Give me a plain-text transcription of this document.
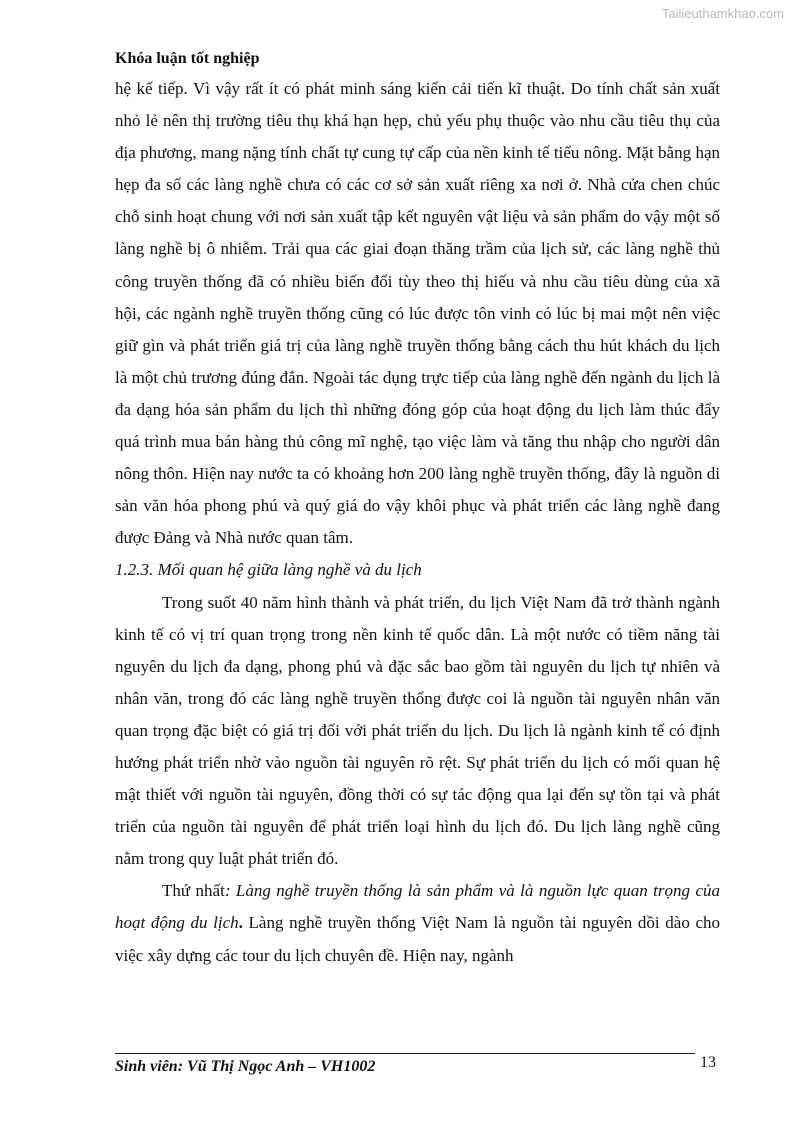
Tailieuthamkhao.com
Khóa luận tốt nghiệp

hệ kế tiếp. Vì vậy rất ít có phát minh sáng kiến cải tiến kĩ thuật. Do tính chất sản xuất nhỏ lẻ nên thị trường tiêu thụ khá hạn hẹp, chủ yếu phụ thuộc vào nhu cầu tiêu thụ của địa phương, mang nặng tính chất tự cung tự cấp của nền kinh tế tiểu nông. Mặt bằng hạn hẹp đa số các làng nghề chưa có các cơ sở sản xuất riêng xa nơi ở. Nhà cửa chen chúc chỗ sinh hoạt chung với nơi sản xuất tập kết nguyên vật liệu và sản phẩm do vậy một số làng nghề bị ô nhiễm. Trải qua các giai đoạn thăng trầm của lịch sử, các làng nghề thủ công truyền thống đã có nhiều biến đổi tùy theo thị hiếu và nhu cầu tiêu dùng của xã hội, các ngành nghề truyền thống cũng có lúc được tôn vinh có lúc bị mai một nên việc giữ gìn và phát triển giá trị của làng nghề truyền thống bằng cách thu hút khách du lịch là một chủ trương đúng đắn. Ngoài tác dụng trực tiếp của làng nghề đến ngành du lịch là đa dạng hóa sản phẩm du lịch thì những đóng góp của hoạt động du lịch làm thúc đẩy quá trình mua bán hàng thủ công mĩ nghệ, tạo việc làm và tăng thu nhập cho người dân nông thôn. Hiện nay nước ta có khoảng hơn 200 làng nghề truyền thống, đây là nguồn di sản văn hóa phong phú và quý giá do vậy khôi phục và phát triển các làng nghề đang được Đảng và Nhà nước quan tâm.

1.2.3. Mối quan hệ giữa làng nghề và du lịch

Trong suốt 40 năm hình thành và phát triển, du lịch Việt Nam đã trở thành ngành kinh tế có vị trí quan trọng trong nền kinh tế quốc dân. Là một nước có tiềm năng tài nguyên du lịch đa dạng, phong phú và đặc sắc bao gồm tài nguyên du lịch tự nhiên và nhân văn, trong đó các làng nghề truyền thống được coi là nguồn tài nguyên nhân văn quan trọng đặc biệt có giá trị đối với phát triển du lịch. Du lịch là ngành kinh tế có định hướng phát triển nhờ vào nguồn tài nguyên rõ rệt. Sự phát triển du lịch có mối quan hệ mật thiết với nguồn tài nguyên, đồng thời có sự tác động qua lại đến sự tồn tại và phát triển của nguồn tài nguyên để phát triển loại hình du lịch đó. Du lịch làng nghề cũng nằm trong quy luật phát triển đó.

Thứ nhất: Làng nghề truyền thống là sản phẩm và là nguồn lực quan trọng của hoạt động du lịch. Làng nghề truyền thống Việt Nam là nguồn tài nguyên dồi dào cho việc xây dựng các tour du lịch chuyên đề. Hiện nay, ngành

Sinh viên: Vũ Thị Ngọc Anh – VH1002	13
